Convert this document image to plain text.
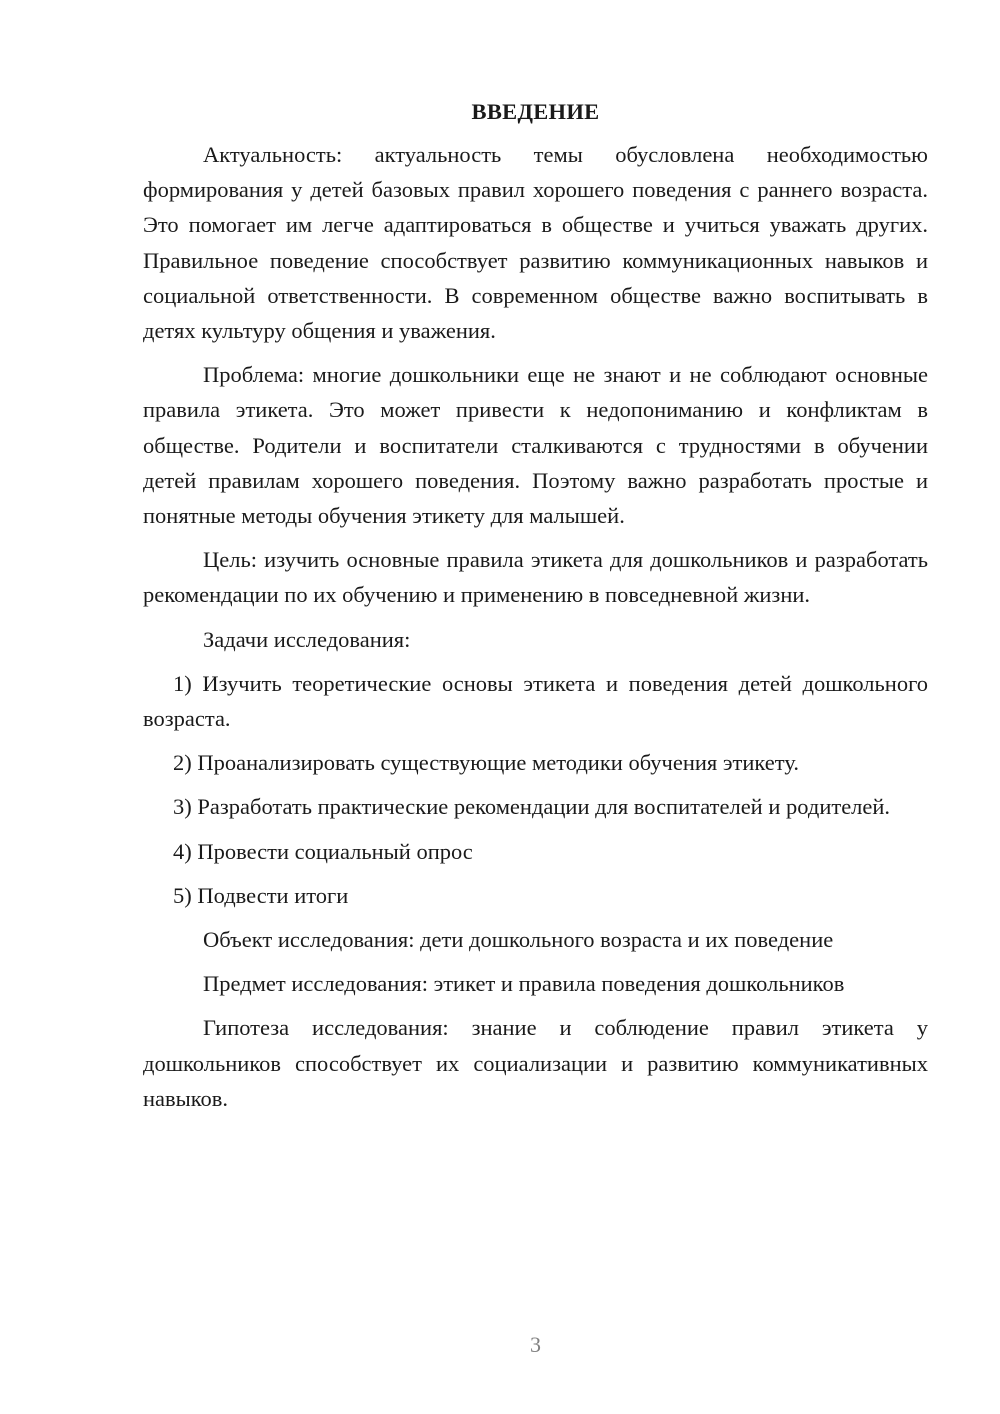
ВВЕДЕНИЕ

Актуальность: актуальность темы обусловлена необходимостью формирования у детей базовых правил хорошего поведения с раннего возраста. Это помогает им легче адаптироваться в обществе и учиться уважать других. Правильное поведение способствует развитию коммуникационных навыков и социальной ответственности. В современном обществе важно воспитывать в детях культуру общения и уважения.

Проблема: многие дошкольники еще не знают и не соблюдают основные правила этикета. Это может привести к недопониманию и конфликтам в обществе. Родители и воспитатели сталкиваются с трудностями в обучении детей правилам хорошего поведения. Поэтому важно разработать простые и понятные методы обучения этикету для малышей.

Цель: изучить основные правила этикета для дошкольников и разработать рекомендации по их обучению и применению в повседневной жизни.

Задачи исследования:

1) Изучить теоретические основы этикета и поведения детей дошкольного возраста.

2) Проанализировать существующие методики обучения этикету.

3) Разработать практические рекомендации для воспитателей и родителей.

4) Провести социальный опрос

5) Подвести итоги

Объект исследования: дети дошкольного возраста и их поведение

Предмет исследования: этикет и правила поведения дошкольников

Гипотеза исследования: знание и соблюдение правил этикета у дошкольников способствует их социализации и развитию коммуникативных навыков.

3
